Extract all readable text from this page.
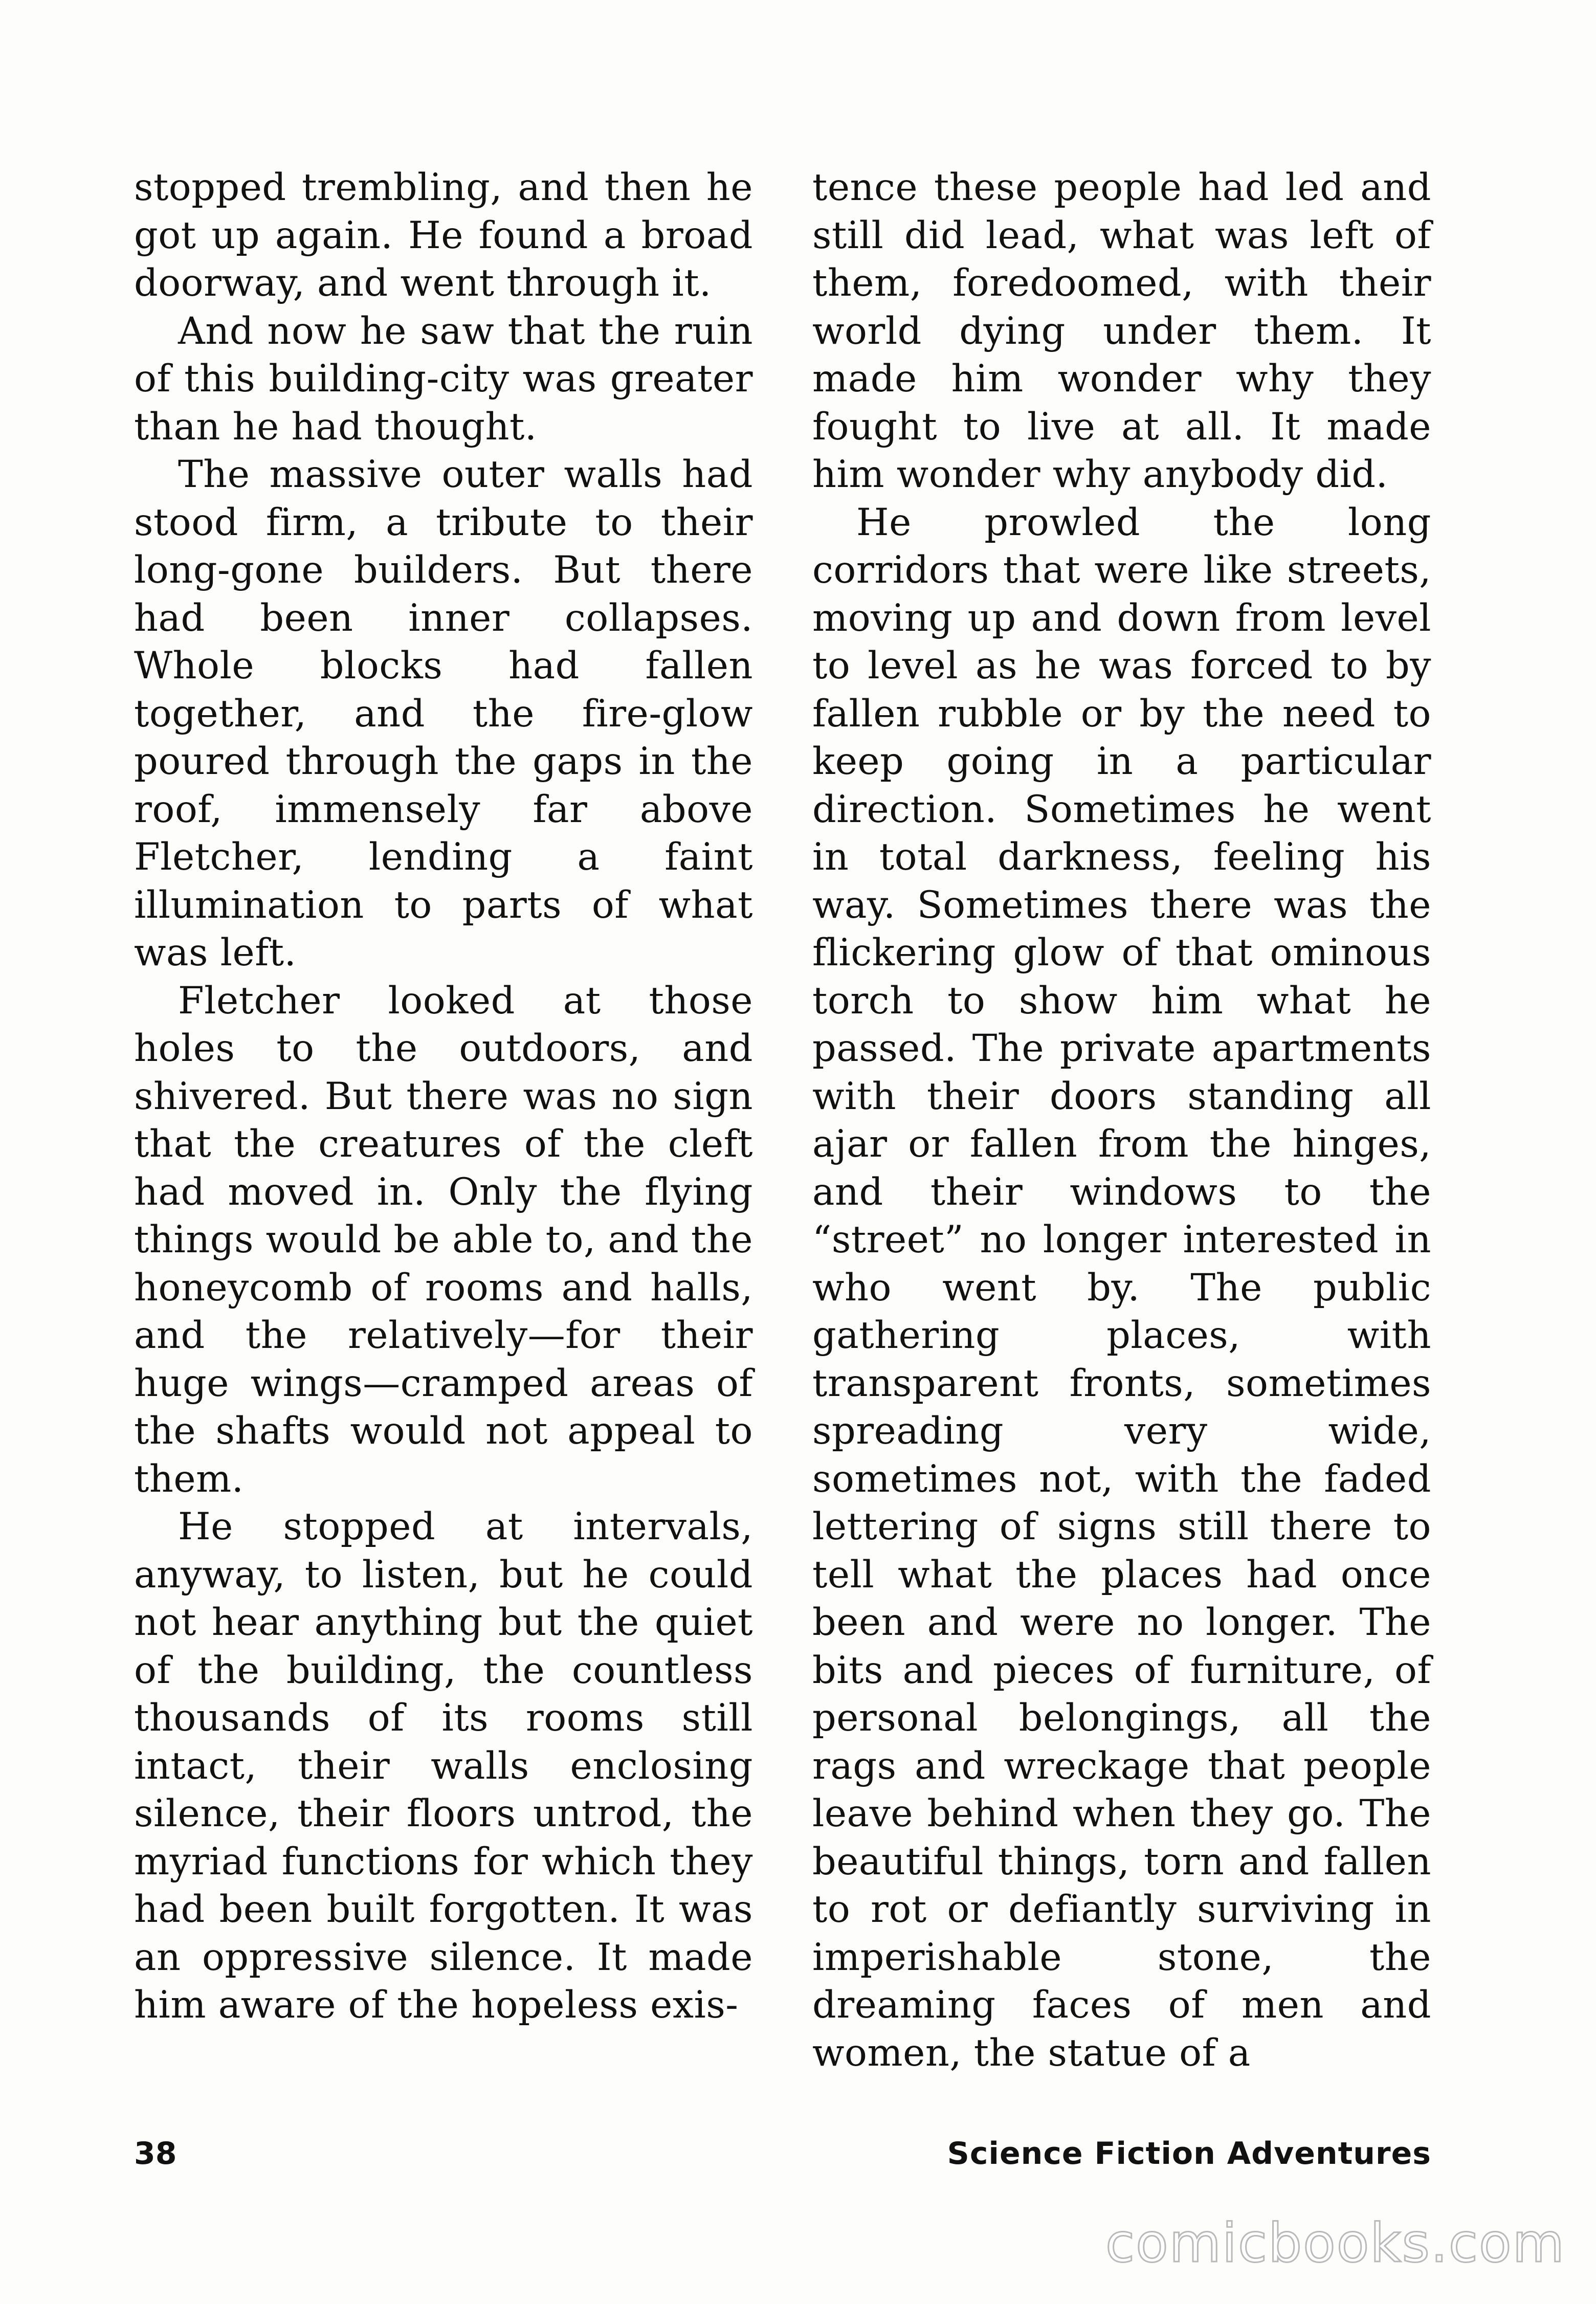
stopped trembling, and then he got up again. He found a broad doorway, and went through it.

And now he saw that the ruin of this building-city was greater than he had thought.

The massive outer walls had stood firm, a tribute to their long-gone builders. But there had been inner collapses. Whole blocks had fallen together, and the fire-glow poured through the gaps in the roof, immensely far above Fletcher, lending a faint illumination to parts of what was left.

Fletcher looked at those holes to the outdoors, and shivered. But there was no sign that the creatures of the cleft had moved in. Only the flying things would be able to, and the honeycomb of rooms and halls, and the relatively—for their huge wings—cramped areas of the shafts would not appeal to them.

He stopped at intervals, anyway, to listen, but he could not hear anything but the quiet of the building, the countless thousands of its rooms still intact, their walls enclosing silence, their floors untrod, the myriad functions for which they had been built forgotten. It was an oppressive silence. It made him aware of the hopeless exis-

tence these people had led and still did lead, what was left of them, foredoomed, with their world dying under them. It made him wonder why they fought to live at all. It made him wonder why anybody did.

He prowled the long corridors that were like streets, moving up and down from level to level as he was forced to by fallen rubble or by the need to keep going in a particular direction. Sometimes he went in total darkness, feeling his way. Sometimes there was the flickering glow of that ominous torch to show him what he passed. The private apartments with their doors standing all ajar or fallen from the hinges, and their windows to the “street” no longer interested in who went by. The public gathering places, with transparent fronts, sometimes spreading very wide, sometimes not, with the faded lettering of signs still there to tell what the places had once been and were no longer. The bits and pieces of furniture, of personal belongings, all the rags and wreckage that people leave behind when they go. The beautiful things, torn and fallen to rot or defiantly surviving in imperishable stone, the dreaming faces of men and women, the statue of a

38	Science Fiction Adventures
comicbooks.com
